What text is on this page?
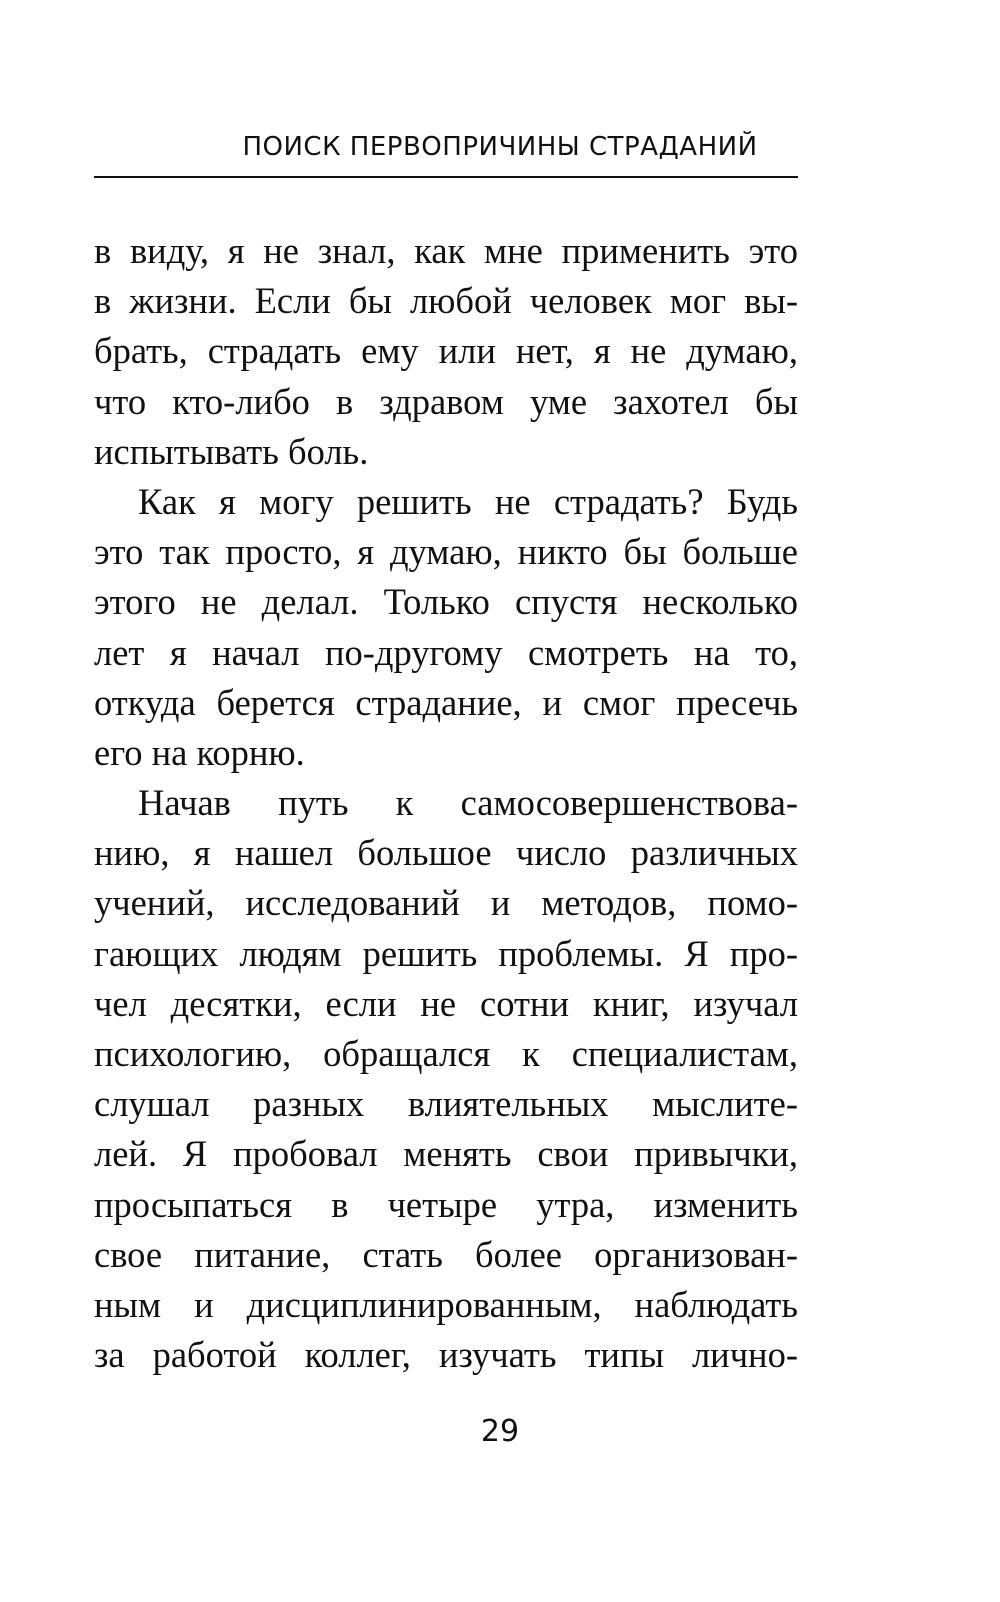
ПОИСК ПЕРВОПРИЧИНЫ СТРАДАНИЙ
в виду, я не знал, как мне применить это
в жизни. Если бы любой человек мог вы-
брать, страдать ему или нет, я не думаю,
что кто-либо в здравом уме захотел бы
испытывать боль.
Как я могу решить не страдать? Будь
это так просто, я думаю, никто бы больше
этого не делал. Только спустя несколько
лет я начал по-другому смотреть на то,
откуда берется страдание, и смог пресечь
его на корню.
Начав путь к самосовершенствова-
нию, я нашел большое число различных
учений, исследований и методов, помо-
гающих людям решить проблемы. Я про-
чел десятки, если не сотни книг, изучал
психологию, обращался к специалистам,
слушал разных влиятельных мыслите-
лей. Я пробовал менять свои привычки,
просыпаться в четыре утра, изменить
свое питание, стать более организован-
ным и дисциплинированным, наблюдать
за работой коллег, изучать типы лично-
29
